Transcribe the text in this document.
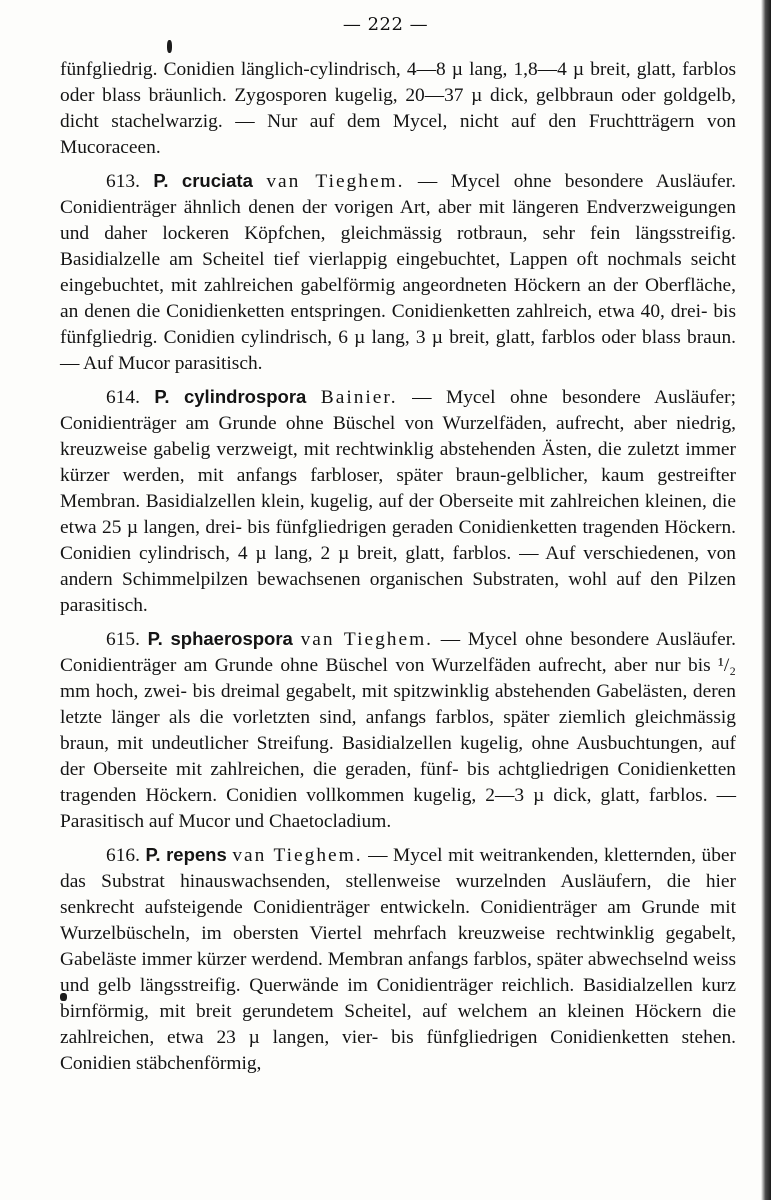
— 222 —

fünfgliedrig. Conidien länglich-cylindrisch, 4—8 µ lang, 1,8—4 µ breit, glatt, farblos oder blass bräunlich. Zygosporen kugelig, 20—37 µ dick, gelbbraun oder goldgelb, dicht stachelwarzig. — Nur auf dem Mycel, nicht auf den Fruchtträgern von Mucoraceen.

613. P. cruciata van Tieghem. — Mycel ohne besondere Ausläufer. Conidienträger ähnlich denen der vorigen Art, aber mit längeren Endverzweigungen und daher lockeren Köpfchen, gleichmässig rotbraun, sehr fein längsstreifig. Basidialzelle am Scheitel tief vierlappig eingebuchtet, Lappen oft nochmals seicht eingebuchtet, mit zahlreichen gabelförmig angeordneten Höckern an der Oberfläche, an denen die Conidienketten entspringen. Conidienketten zahlreich, etwa 40, drei- bis fünfgliedrig. Conidien cylindrisch, 6 µ lang, 3 µ breit, glatt, farblos oder blass braun. — Auf Mucor parasitisch.

614. P. cylindrospora Bainier. — Mycel ohne besondere Ausläufer; Conidienträger am Grunde ohne Büschel von Wurzelfäden, aufrecht, aber niedrig, kreuzweise gabelig verzweigt, mit rechtwinklig abstehenden Ästen, die zuletzt immer kürzer werden, mit anfangs farbloser, später braun-gelblicher, kaum gestreifter Membran. Basidialzellen klein, kugelig, auf der Oberseite mit zahlreichen kleinen, die etwa 25 µ langen, drei- bis fünfgliedrigen geraden Conidienketten tragenden Höckern. Conidien cylindrisch, 4 µ lang, 2 µ breit, glatt, farblos. — Auf verschiedenen, von andern Schimmelpilzen bewachsenen organischen Substraten, wohl auf den Pilzen parasitisch.

615. P. sphaerospora van Tieghem. — Mycel ohne besondere Ausläufer. Conidienträger am Grunde ohne Büschel von Wurzelfäden aufrecht, aber nur bis ¹/₂ mm hoch, zwei- bis dreimal gegabelt, mit spitzwinklig abstehenden Gabelästen, deren letzte länger als die vorletzten sind, anfangs farblos, später ziemlich gleichmässig braun, mit undeutlicher Streifung. Basidialzellen kugelig, ohne Ausbuchtungen, auf der Oberseite mit zahlreichen, die geraden, fünf- bis achtgliedrigen Conidienketten tragenden Höckern. Conidien vollkommen kugelig, 2—3 µ dick, glatt, farblos. — Parasitisch auf Mucor und Chaetocladium.

616. P. repens van Tieghem. — Mycel mit weitrankenden, kletternden, über das Substrat hinauswachsenden, stellenweise wurzelnden Ausläufern, die hier senkrecht aufsteigende Conidienträger entwickeln. Conidienträger am Grunde mit Wurzelbüscheln, im obersten Viertel mehrfach kreuzweise rechtwinklig gegabelt, Gabeläste immer kürzer werdend. Membran anfangs farblos, später abwechselnd weiss und gelb längsstreifig. Querwände im Conidienträger reichlich. Basidialzellen kurz birnförmig, mit breit gerundetem Scheitel, auf welchem an kleinen Höckern die zahlreichen, etwa 23 µ langen, vier- bis fünfgliedrigen Conidienketten stehen. Conidien stäbchenförmig,
